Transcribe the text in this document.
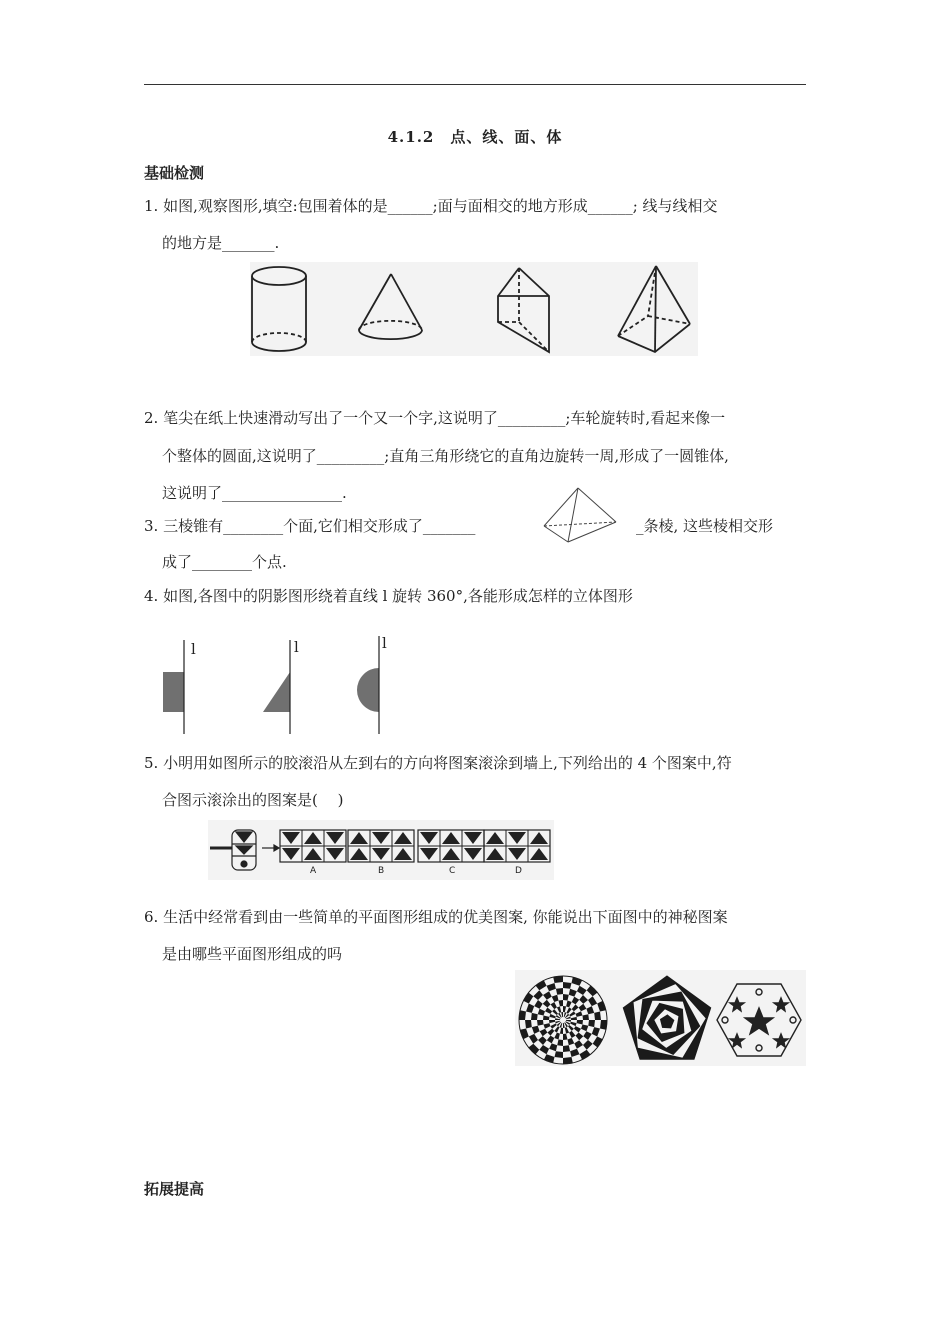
4.1.2　点、线、面、体
基础检测
1. 如图,观察图形,填空:包围着体的是______;面与面相交的地方形成______; 线与线相交
的地方是_______.
2. 笔尖在纸上快速滑动写出了一个又一个字,这说明了_________;车轮旋转时,看起来像一
个整体的圆面,这说明了_________;直角三角形绕它的直角边旋转一周,形成了一圆锥体,
这说明了________________.
3. 三棱锥有________个面,它们相交形成了_______	_条棱, 这些棱相交形
成了________个点.
4. 如图,各图中的阴影图形绕着直线 l 旋转 360°,各能形成怎样的立体图形
l	l	l
5. 小明用如图所示的胶滚沿从左到右的方向将图案滚涂到墙上,下列给出的 4 个图案中,符
合图示滚涂出的图案是(　 )
A	B	C	D
6. 生活中经常看到由一些简单的平面图形组成的优美图案, 你能说出下面图中的神秘图案
是由哪些平面图形组成的吗
拓展提高
